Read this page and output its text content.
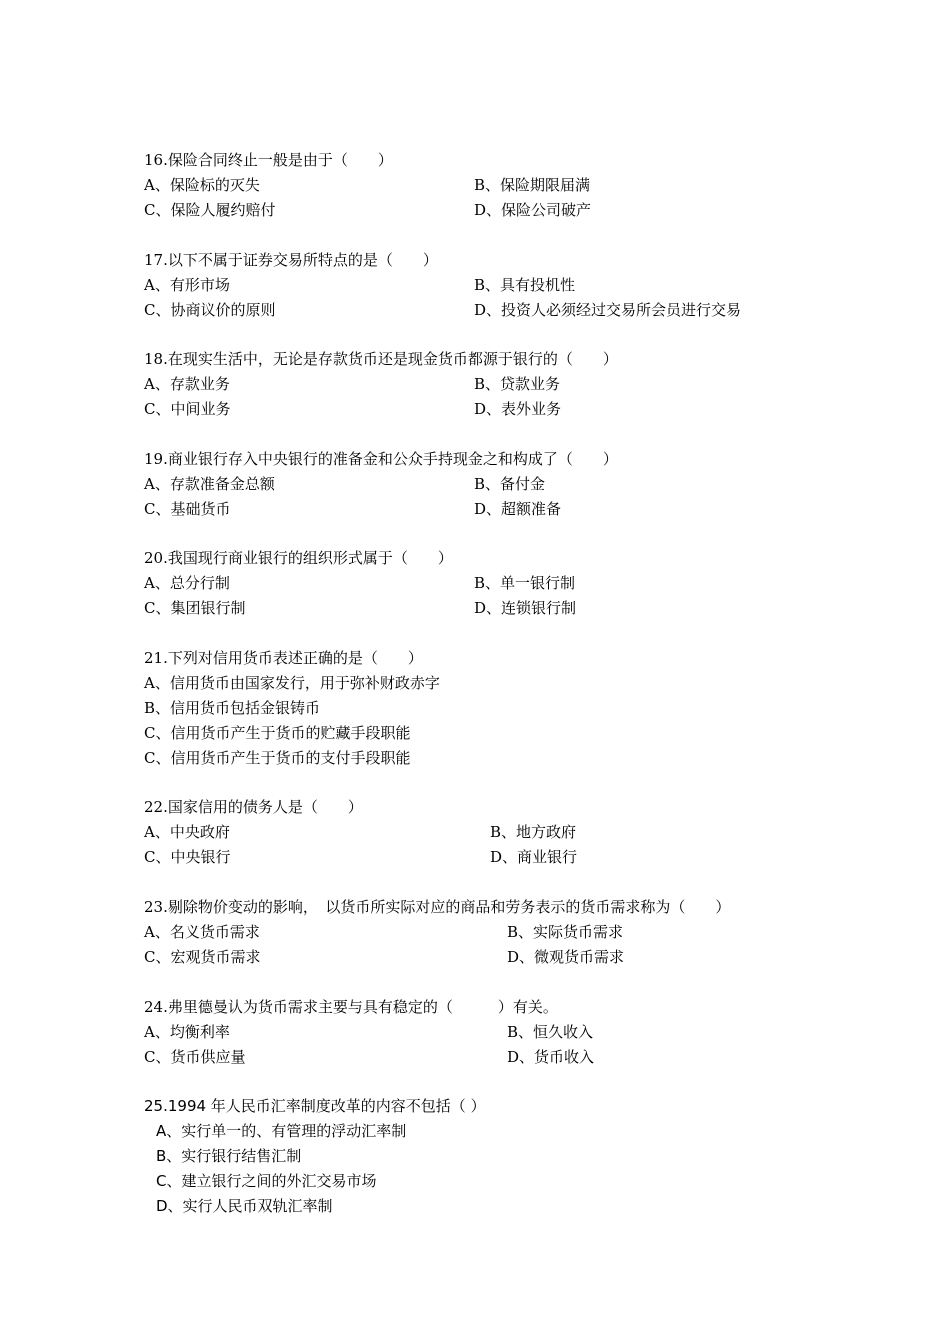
16.保险合同终止一般是由于（　　）
A、保险标的灭失	B、保险期限届满
C、保险人履约赔付	D、保险公司破产
17.以下不属于证券交易所特点的是（　　）
A、有形市场	B、具有投机性
C、协商议价的原则	D、投资人必须经过交易所会员进行交易
18.在现实生活中，无论是存款货币还是现金货币都源于银行的（　　）
A、存款业务	B、贷款业务
C、中间业务	D、表外业务
19.商业银行存入中央银行的准备金和公众手持现金之和构成了（　　）
A、存款准备金总额	B、备付金
C、基础货币	D、超额准备
20.我国现行商业银行的组织形式属于（　　）
A、总分行制	B、单一银行制
C、集团银行制	D、连锁银行制
21.下列对信用货币表述正确的是（　　）
A、信用货币由国家发行，用于弥补财政赤字
B、信用货币包括金银铸币
C、信用货币产生于货币的贮藏手段职能
C、信用货币产生于货币的支付手段职能
22.国家信用的债务人是（　　）
A、中央政府	B、地方政府
C、中央银行	D、商业银行
23.剔除物价变动的影响，　以货币所实际对应的商品和劳务表示的货币需求称为（　　）
A、名义货币需求	B、实际货币需求
C、宏观货币需求	D、微观货币需求
24.弗里德曼认为货币需求主要与具有稳定的（　　　）有关。
A、均衡利率	B、恒久收入
C、货币供应量	D、货币收入
25.1994 年人民币汇率制度改革的内容不包括（ ）
A、实行单一的、有管理的浮动汇率制
B、实行银行结售汇制
C、建立银行之间的外汇交易市场
D、实行人民币双轨汇率制
